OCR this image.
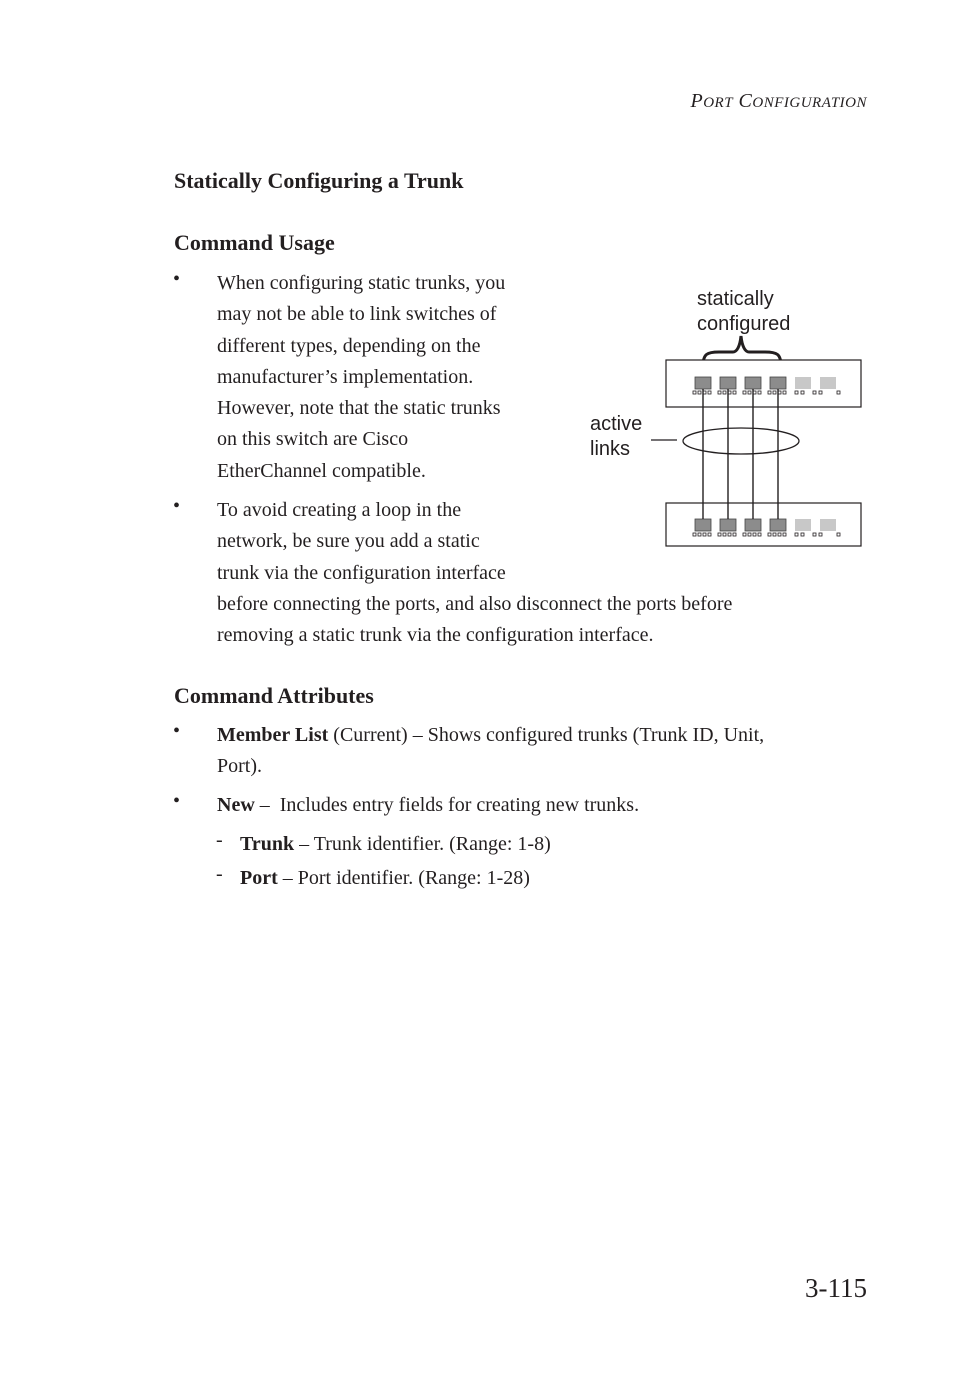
PORT CONFIGURATION
Statically Configuring a Trunk
Command Usage
• When configuring static trunks, you
may not be able to link switches of
different types, depending on the
manufacturer’s implementation.
However, note that the static trunks
on this switch are Cisco
EtherChannel compatible.
• To avoid creating a loop in the
network, be sure you add a static
trunk via the configuration interface
before connecting the ports, and also disconnect the ports before
removing a static trunk via the configuration interface.
statically
configured
active
links
Command Attributes
• Member List (Current) – Shows configured trunks (Trunk ID, Unit,
Port).
• New –  Includes entry fields for creating new trunks.
- Trunk – Trunk identifier. (Range: 1-8)
- Port – Port identifier. (Range: 1-28)
3-115
